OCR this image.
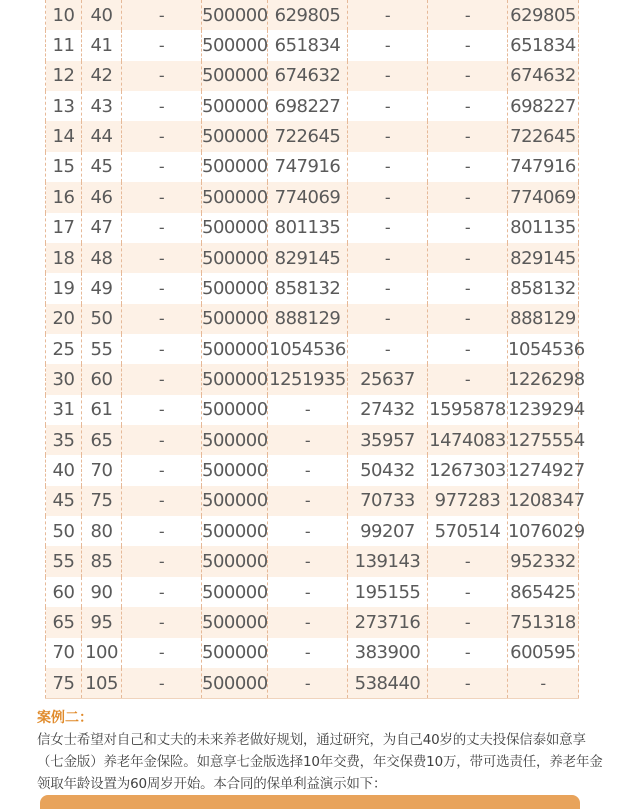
10	40	-	500000	629805	-	-	629805
11	41	-	500000	651834	-	-	651834
12	42	-	500000	674632	-	-	674632
13	43	-	500000	698227	-	-	698227
14	44	-	500000	722645	-	-	722645
15	45	-	500000	747916	-	-	747916
16	46	-	500000	774069	-	-	774069
17	47	-	500000	801135	-	-	801135
18	48	-	500000	829145	-	-	829145
19	49	-	500000	858132	-	-	858132
20	50	-	500000	888129	-	-	888129
25	55	-	500000	1054536	-	-	1054536
30	60	-	500000	1251935	25637	-	1226298
31	61	-	500000	-	27432	1595878	1239294
35	65	-	500000	-	35957	1474083	1275554
40	70	-	500000	-	50432	1267303	1274927
45	75	-	500000	-	70733	977283	1208347
50	80	-	500000	-	99207	570514	1076029
55	85	-	500000	-	139143	-	952332
60	90	-	500000	-	195155	-	865425
65	95	-	500000	-	273716	-	751318
70	100	-	500000	-	383900	-	600595
75	105	-	500000	-	538440	-	-
案例二：
信女士希望对自己和丈夫的未来养老做好规划，通过研究，为自己40岁的丈夫投保信泰如意享（七金版）养老年金保险。如意享七金版选择10年交费，年交保费10万，带可选责任，养老年金领取年龄设置为60周岁开始。本合同的保单利益演示如下：
